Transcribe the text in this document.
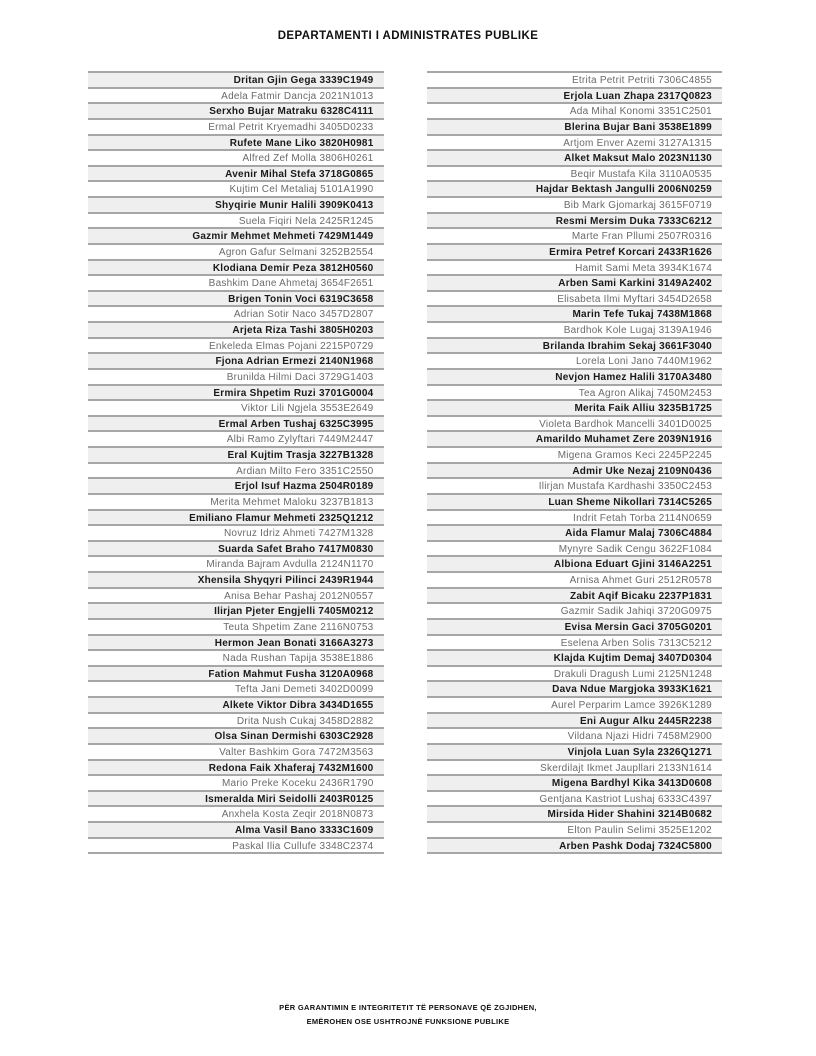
DEPARTAMENTI I ADMINISTRATES PUBLIKE
Dritan Gjin Gega 3339C1949
Adela Fatmir Dancja 2021N1013
Serxho Bujar Matraku 6328C4111
Ermal Petrit Kryemadhi 3405D0233
Rufete Mane Liko 3820H0981
Alfred Zef Molla 3806H0261
Avenir Mihal Stefa 3718G0865
Kujtim Cel Metaliaj 5101A1990
Shyqirie Munir Halili 3909K0413
Suela Fiqiri Nela 2425R1245
Gazmir Mehmet Mehmeti 7429M1449
Agron Gafur Selmani 3252B2554
Klodiana Demir Peza 3812H0560
Bashkim Dane Ahmetaj 3654F2651
Brigen Tonin Voci 6319C3658
Adrian Sotir Naco 3457D2807
Arjeta Riza Tashi 3805H0203
Enkeleda Elmas Pojani 2215P0729
Fjona Adrian Ermezi 2140N1968
Brunilda Hilmi Daci 3729G1403
Ermira Shpetim Ruzi 3701G0004
Viktor Lili Ngjela 3553E2649
Ermal Arben Tushaj 6325C3995
Albi Ramo Zylyftari 7449M2447
Eral Kujtim Trasja 3227B1328
Ardian Milto Fero 3351C2550
Erjol Isuf Hazma 2504R0189
Merita Mehmet Maloku 3237B1813
Emiliano Flamur Mehmeti 2325Q1212
Novruz Idriz Ahmeti 7427M1328
Suarda Safet Braho 7417M0830
Miranda Bajram Avdulla 2124N1170
Xhensila Shyqyri Pilinci 2439R1944
Anisa Behar Pashaj 2012N0557
Ilirjan Pjeter Engjelli 7405M0212
Teuta Shpetim Zane 2116N0753
Hermon Jean Bonati 3166A3273
Nada Rushan Tapija 3538E1886
Fation Mahmut Fusha 3120A0968
Tefta Jani Demeti 3402D0099
Alkete Viktor Dibra 3434D1655
Drita Nush Cukaj 3458D2882
Olsa Sinan Dermishi 6303C2928
Valter Bashkim Gora 7472M3563
Redona Faik Xhaferaj 7432M1600
Mario Preke Koceku 2436R1790
Ismeralda Miri Seidolli 2403R0125
Anxhela Kosta Zeqir 2018N0873
Alma Vasil Bano 3333C1609
Paskal Ilia Cullufe 3348C2374
Etrita Petrit Petriti 7306C4855
Erjola Luan Zhapa 2317Q0823
Ada Mihal Konomi 3351C2501
Blerina Bujar Bani 3538E1899
Artjom Enver Azemi 3127A1315
Alket Maksut Malo 2023N1130
Beqir Mustafa Kila 3110A0535
Hajdar Bektash Jangulli 2006N0259
Bib Mark Gjomarkaj 3615F0719
Resmi Mersim Duka 7333C6212
Marte Fran Pllumi 2507R0316
Ermira Petref Korcari 2433R1626
Hamit Sami Meta 3934K1674
Arben Sami Karkini 3149A2402
Elisabeta Ilmi Myftari 3454D2658
Marin Tefe Tukaj 7438M1868
Bardhok Kole Lugaj 3139A1946
Brilanda Ibrahim Sekaj 3661F3040
Lorela Loni Jano 7440M1962
Nevjon Hamez Halili 3170A3480
Tea Agron Alikaj 7450M2453
Merita Faik Alliu 3235B1725
Violeta Bardhok Mancelli 3401D0025
Amarildo Muhamet Zere 2039N1916
Migena Gramos Keci 2245P2245
Admir Uke Nezaj 2109N0436
Ilirjan Mustafa Kardhashi 3350C2453
Luan Sheme Nikollari 7314C5265
Indrit Fetah Torba 2114N0659
Aida Flamur Malaj 7306C4884
Mynyre Sadik Cengu 3622F1084
Albiona Eduart Gjini 3146A2251
Arnisa Ahmet Guri 2512R0578
Zabit Aqif Bicaku 2237P1831
Gazmir Sadik Jahiqi 3720G0975
Evisa Mersin Gaci 3705G0201
Eselena Arben Solis 7313C5212
Klajda Kujtim Demaj 3407D0304
Drakuli Dragush Lumi 2125N1248
Dava Ndue Margjoka 3933K1621
Aurel Perparim Lamce 3926K1289
Eni Augur Alku 2445R2238
Vildana Njazi Hidri 7458M2900
Vinjola Luan Syla 2326Q1271
Skerdilajt Ikmet Jaupllari 2133N1614
Migena Bardhyl Kika 3413D0608
Gentjana Kastriot Lushaj 6333C4397
Mirsida Hider Shahini 3214B0682
Elton Paulin Selimi 3525E1202
Arben Pashk Dodaj 7324C5800
PËR GARANTIMIN E INTEGRITETIT TË PERSONAVE QË ZGJIDHEN,
EMËROHEN OSE USHTROJNË FUNKSIONE PUBLIKE
